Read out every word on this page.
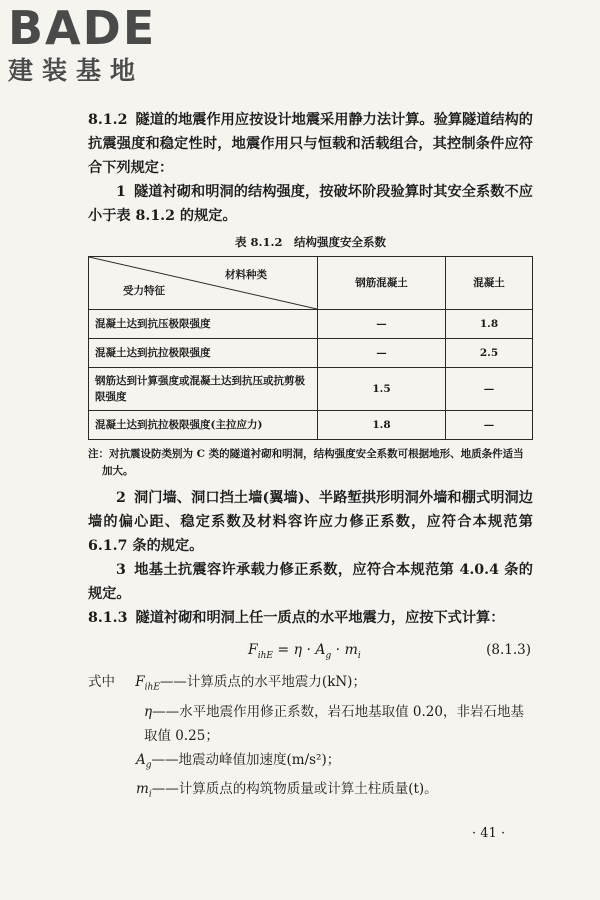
BADE
建装基地

8.1.2 隧道的地震作用应按设计地震采用静力法计算。验算隧道结构的抗震强度和稳定性时，地震作用只与恒载和活载组合，其控制条件应符合下列规定：

1 隧道衬砌和明洞的结构强度，按破坏阶段验算时其安全系数不应小于表 8.1.2 的规定。

表 8.1.2　结构强度安全系数
材料种类
受力特征	钢筋混凝土	混凝土
混凝土达到抗压极限强度	—	1.8
混凝土达到抗拉极限强度	—	2.5
钢筋达到计算强度或混凝土达到抗压或抗剪极限强度	1.5	—
混凝土达到抗拉极限强度(主拉应力)	1.8	—
注：对抗震设防类别为 C 类的隧道衬砌和明洞，结构强度安全系数可根据地形、地质条件适当加大。

2 洞门墙、洞口挡土墙(翼墙)、半路堑拱形明洞外墙和棚式明洞边墙的偏心距、稳定系数及材料容许应力修正系数，应符合本规范第 6.1.7 条的规定。

3 地基土抗震容许承载力修正系数，应符合本规范第 4.0.4 条的规定。

8.1.3 隧道衬砌和明洞上任一质点的水平地震力，应按下式计算：

$F_{ihE} = \eta \cdot A_g \cdot m_i$	(8.1.3)
式中 $F_{ihE}——$计算质点的水平地震力(kN)；
η——水平地震作用修正系数，岩石地基取值 0.20，非岩石地基取值 0.25；
$A_g——$地震动峰值加速度(m/s²)；
$m_i——$计算质点的构筑物质量或计算土柱质量(t)。
· 41 ·
